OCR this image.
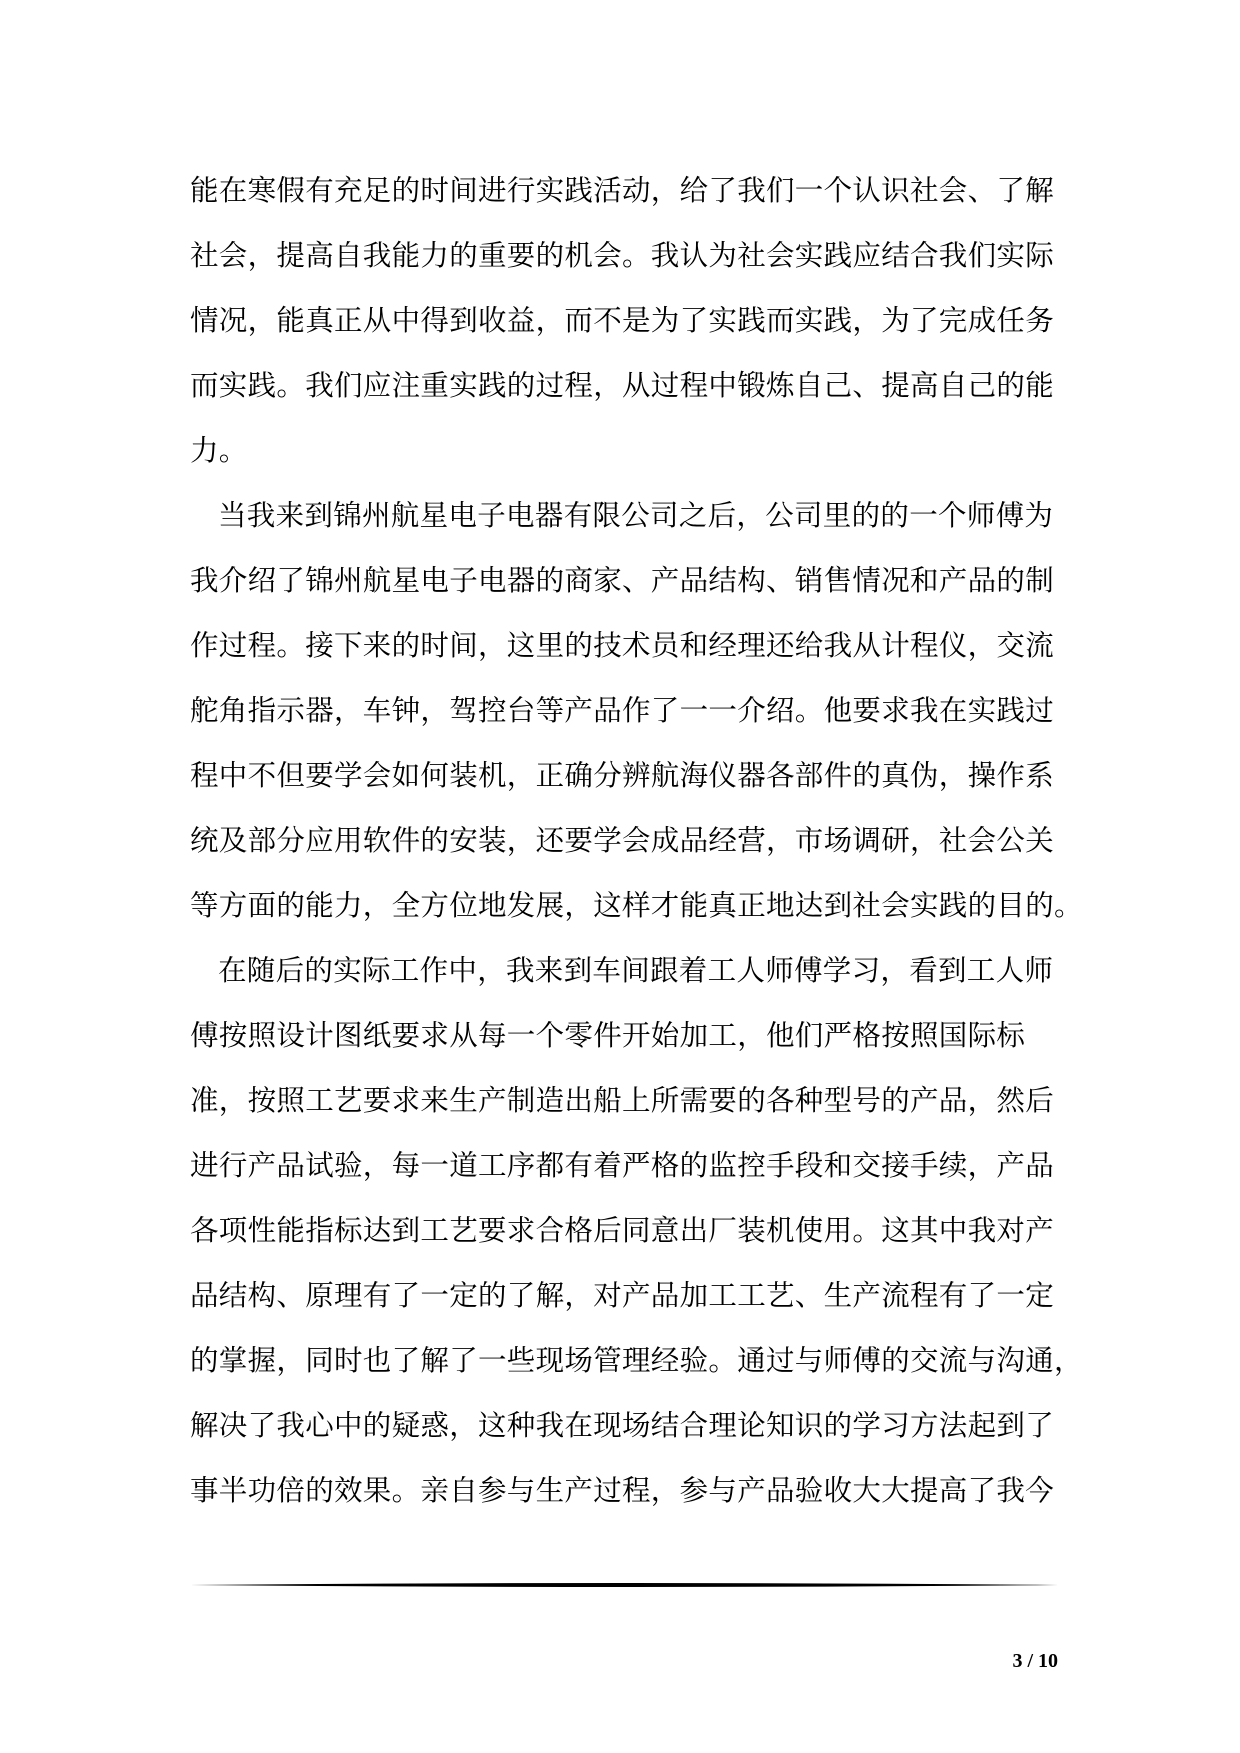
能在寒假有充足的时间进行实践活动，给了我们一个认识社会、了解
社会，提高自我能力的重要的机会。我认为社会实践应结合我们实际
情况，能真正从中得到收益，而不是为了实践而实践，为了完成任务
而实践。我们应注重实践的过程，从过程中锻炼自己、提高自己的能
力。
当我来到锦州航星电子电器有限公司之后，公司里的的一个师傅为
我介绍了锦州航星电子电器的商家、产品结构、销售情况和产品的制
作过程。接下来的时间，这里的技术员和经理还给我从计程仪，交流
舵角指示器，车钟，驾控台等产品作了一一介绍。他要求我在实践过
程中不但要学会如何装机，正确分辨航海仪器各部件的真伪，操作系
统及部分应用软件的安装，还要学会成品经营，市场调研，社会公关
等方面的能力，全方位地发展，这样才能真正地达到社会实践的目的。
在随后的实际工作中，我来到车间跟着工人师傅学习，看到工人师
傅按照设计图纸要求从每一个零件开始加工，他们严格按照国际标
准，按照工艺要求来生产制造出船上所需要的各种型号的产品，然后
进行产品试验，每一道工序都有着严格的监控手段和交接手续，产品
各项性能指标达到工艺要求合格后同意出厂装机使用。这其中我对产
品结构、原理有了一定的了解，对产品加工工艺、生产流程有了一定
的掌握，同时也了解了一些现场管理经验。通过与师傅的交流与沟通，
解决了我心中的疑惑，这种我在现场结合理论知识的学习方法起到了
事半功倍的效果。亲自参与生产过程，参与产品验收大大提高了我今
3 / 10
